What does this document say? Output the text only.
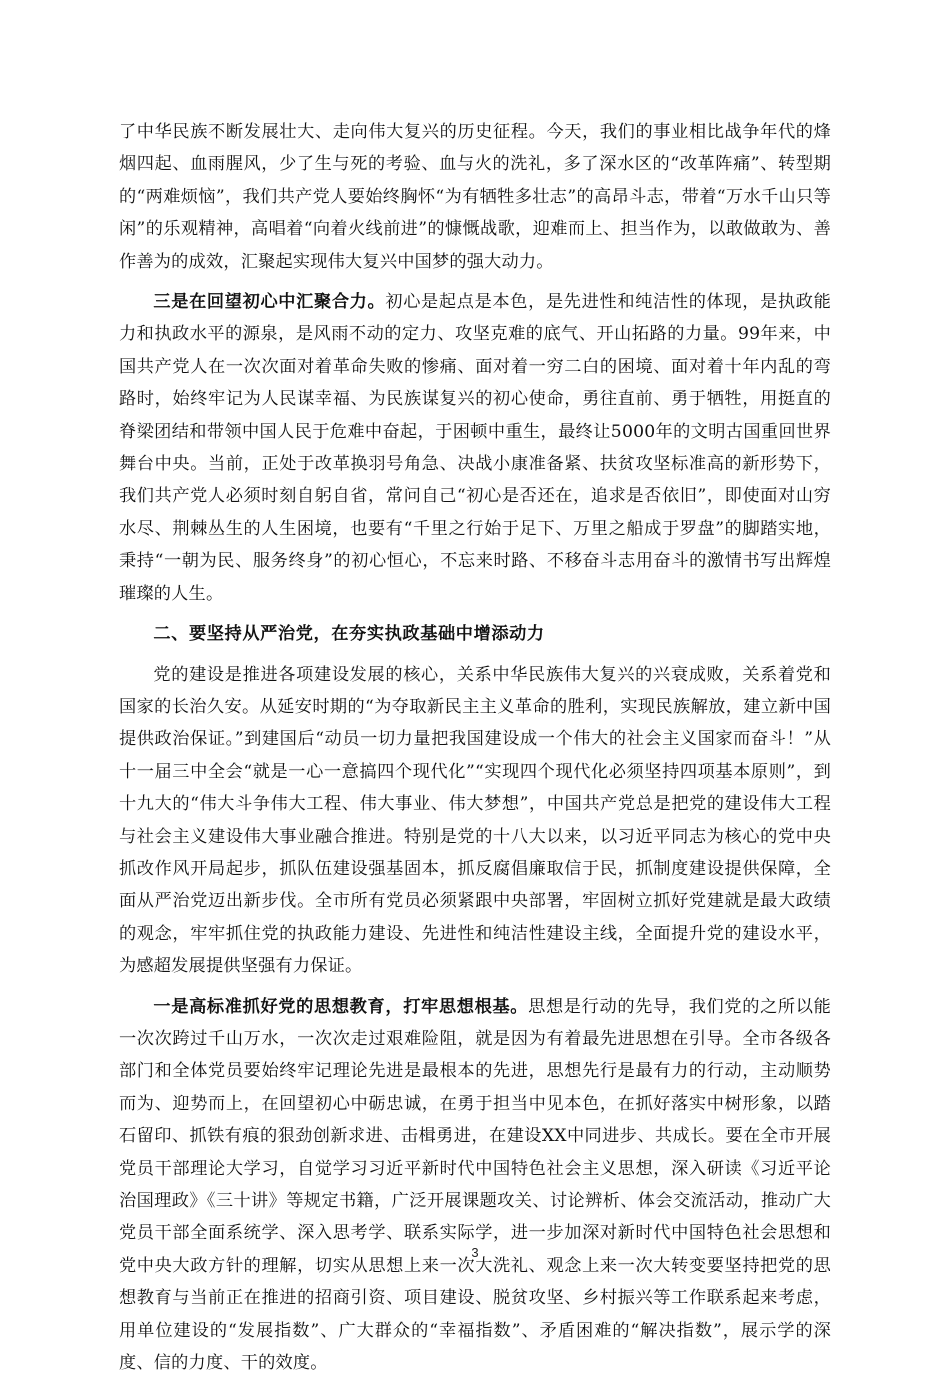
了中华民族不断发展壮大、走向伟大复兴的历史征程。今天，我们的事业相比战争年代的烽烟四起、血雨腥风，少了生与死的考验、血与火的洗礼，多了深水区的“改革阵痛”、转型期的“两难烦恼”，我们共产党人要始终胸怀“为有牺牲多壮志”的高昂斗志，带着“万水千山只等闲”的乐观精神，高唱着“向着火线前进”的慷慨战歌，迎难而上、担当作为，以敢做敢为、善作善为的成效，汇聚起实现伟大复兴中国梦的强大动力。

三是在回望初心中汇聚合力。初心是起点是本色，是先进性和纯洁性的体现，是执政能力和执政水平的源泉，是风雨不动的定力、攻坚克难的底气、开山拓路的力量。99年来，中国共产党人在一次次面对着革命失败的惨痛、面对着一穷二白的困境、面对着十年内乱的弯路时，始终牢记为人民谋幸福、为民族谋复兴的初心使命，勇往直前、勇于牺牲，用挺直的脊梁团结和带领中国人民于危难中奋起，于困顿中重生，最终让5000年的文明古国重回世界舞台中央。当前，正处于改革换羽号角急、决战小康准备紧、扶贫攻坚标准高的新形势下，我们共产党人必须时刻自躬自省，常问自己“初心是否还在，追求是否依旧”，即使面对山穷水尽、荆棘丛生的人生困境，也要有“千里之行始于足下、万里之船成于罗盘”的脚踏实地，秉持“一朝为民、服务终身”的初心恒心，不忘来时路、不移奋斗志用奋斗的激情书写出辉煌璀璨的人生。

二、要坚持从严治党，在夯实执政基础中增添动力

党的建设是推进各项建设发展的核心，关系中华民族伟大复兴的兴衰成败，关系着党和国家的长治久安。从延安时期的“为夺取新民主主义革命的胜利，实现民族解放，建立新中国提供政治保证。”到建国后“动员一切力量把我国建设成一个伟大的社会主义国家而奋斗！”从十一届三中全会“就是一心一意搞四个现代化”“实现四个现代化必须坚持四项基本原则”，到十九大的“伟大斗争伟大工程、伟大事业、伟大梦想”，中国共产党总是把党的建设伟大工程与社会主义建设伟大事业融合推进。特别是党的十八大以来，以习近平同志为核心的党中央抓改作风开局起步，抓队伍建设强基固本，抓反腐倡廉取信于民，抓制度建设提供保障，全面从严治党迈出新步伐。全市所有党员必须紧跟中央部署，牢固树立抓好党建就是最大政绩的观念，牢牢抓住党的执政能力建设、先进性和纯洁性建设主线，全面提升党的建设水平，为感超发展提供坚强有力保证。

一是高标准抓好党的思想教育，打牢思想根基。思想是行动的先导，我们党的之所以能一次次跨过千山万水，一次次走过艰难险阻，就是因为有着最先进思想在引导。全市各级各部门和全体党员要始终牢记理论先进是最根本的先进，思想先行是最有力的行动，主动顺势而为、迎势而上，在回望初心中砺忠诚，在勇于担当中见本色，在抓好落实中树形象，以踏石留印、抓铁有痕的狠劲创新求进、击楫勇进，在建设XX中同进步、共成长。要在全市开展党员干部理论大学习，自觉学习习近平新时代中国特色社会主义思想，深入研读《习近平论治国理政》《三十讲》等规定书籍，广泛开展课题攻关、讨论辨析、体会交流活动，推动广大党员干部全面系统学、深入思考学、联系实际学，进一步加深对新时代中国特色社会思想和党中央大政方针的理解，切实从思想上来一次大洗礼、观念上来一次大转变要坚持把党的思想教育与当前正在推进的招商引资、项目建设、脱贫攻坚、乡村振兴等工作联系起来考虑，用单位建设的“发展指数”、广大群众的“幸福指数”、矛盾困难的“解决指数”，展示学的深度、信的力度、干的效度。

3
